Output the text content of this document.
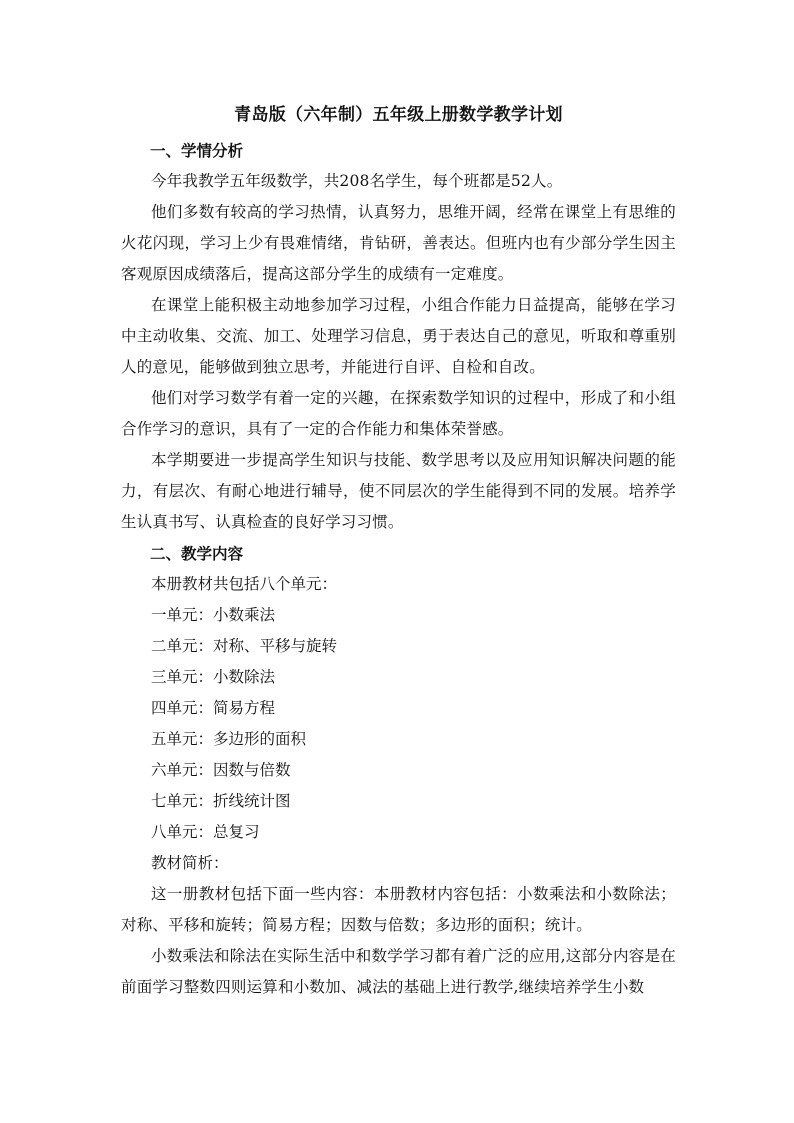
青岛版（六年制）五年级上册数学教学计划

一、学情分析

今年我教学五年级数学，共208名学生，每个班都是52人。

他们多数有较高的学习热情，认真努力，思维开阔，经常在课堂上有思维的火花闪现，学习上少有畏难情绪，肯钻研，善表达。但班内也有少部分学生因主客观原因成绩落后，提高这部分学生的成绩有一定难度。

在课堂上能积极主动地参加学习过程，小组合作能力日益提高，能够在学习中主动收集、交流、加工、处理学习信息，勇于表达自己的意见，听取和尊重别人的意见，能够做到独立思考，并能进行自评、自检和自改。

他们对学习数学有着一定的兴趣，在探索数学知识的过程中，形成了和小组合作学习的意识，具有了一定的合作能力和集体荣誉感。

本学期要进一步提高学生知识与技能、数学思考以及应用知识解决问题的能力，有层次、有耐心地进行辅导，使不同层次的学生能得到不同的发展。培养学生认真书写、认真检查的良好学习习惯。

二、教学内容

本册教材共包括八个单元：

一单元：小数乘法

二单元：对称、平移与旋转

三单元：小数除法

四单元：简易方程

五单元：多边形的面积

六单元：因数与倍数

七单元：折线统计图

八单元：总复习

教材简析：

这一册教材包括下面一些内容：本册教材内容包括：小数乘法和小数除法；对称、平移和旋转；简易方程；因数与倍数；多边形的面积；统计。

小数乘法和除法在实际生活中和数学学习都有着广泛的应用,这部分内容是在前面学习整数四则运算和小数加、减法的基础上进行教学,继续培养学生小数
